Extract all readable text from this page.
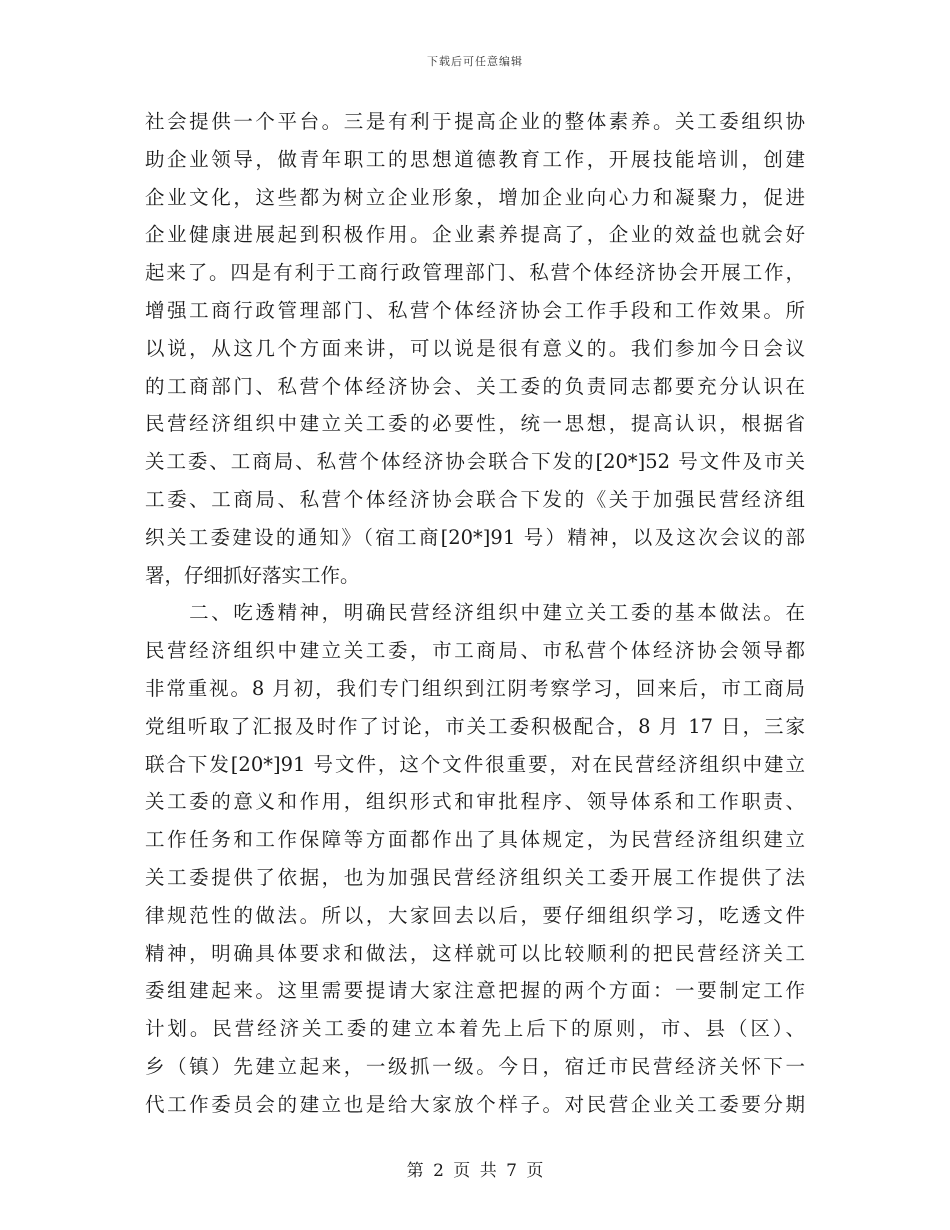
下载后可任意编辑
社会提供一个平台。三是有利于提高企业的整体素养。关工委组织协
助企业领导，做青年职工的思想道德教育工作，开展技能培训，创建
企业文化，这些都为树立企业形象，增加企业向心力和凝聚力，促进
企业健康进展起到积极作用。企业素养提高了，企业的效益也就会好
起来了。四是有利于工商行政管理部门、私营个体经济协会开展工作，
增强工商行政管理部门、私营个体经济协会工作手段和工作效果。所
以说，从这几个方面来讲，可以说是很有意义的。我们参加今日会议
的工商部门、私营个体经济协会、关工委的负责同志都要充分认识在
民营经济组织中建立关工委的必要性，统一思想，提高认识，根据省
关工委、工商局、私营个体经济协会联合下发的[20*]52 号文件及市关
工委、工商局、私营个体经济协会联合下发的《关于加强民营经济组
织关工委建设的通知》（宿工商[20*]91 号）精神，以及这次会议的部
署，仔细抓好落实工作。
　　二、吃透精神，明确民营经济组织中建立关工委的基本做法。在
民营经济组织中建立关工委，市工商局、市私营个体经济协会领导都
非常重视。8 月初，我们专门组织到江阴考察学习，回来后，市工商局
党组听取了汇报及时作了讨论，市关工委积极配合，8 月 17 日，三家
联合下发[20*]91 号文件，这个文件很重要，对在民营经济组织中建立
关工委的意义和作用，组织形式和审批程序、领导体系和工作职责、
工作任务和工作保障等方面都作出了具体规定，为民营经济组织建立
关工委提供了依据，也为加强民营经济组织关工委开展工作提供了法
律规范性的做法。所以，大家回去以后，要仔细组织学习，吃透文件
精神，明确具体要求和做法，这样就可以比较顺利的把民营经济关工
委组建起来。这里需要提请大家注意把握的两个方面：一要制定工作
计划。民营经济关工委的建立本着先上后下的原则，市、县（区）、
乡（镇）先建立起来，一级抓一级。今日，宿迁市民营经济关怀下一
代工作委员会的建立也是给大家放个样子。对民营企业关工委要分期
第 2 页 共 7 页
